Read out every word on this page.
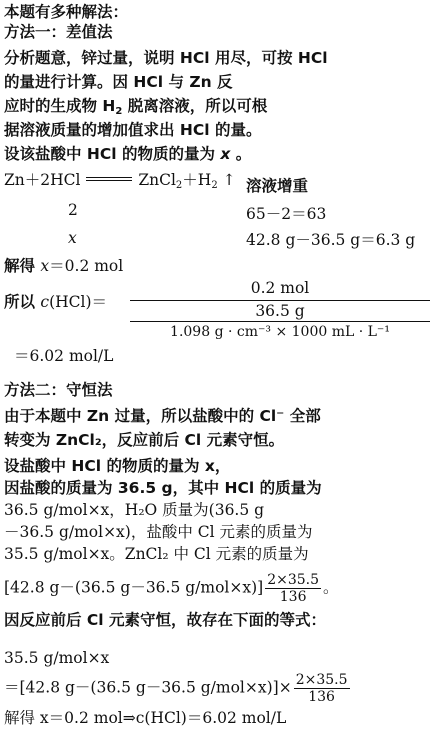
本题有多种解法：
方法一：差值法
分析题意，锌过量，说明 HCl 用尽，可按 HCl
的量进行计算。因 HCl 与 Zn 反
应时的生成物 $H_2$ 脱离溶液，所以可根
据溶液质量的增加值求出 HCl 的量。
设该盐酸中 HCl 的物质的量为 x 。
Zn＋2HCl	$ZnCl_2+H_2$ ↑ 溶液增重
2	65－2＝63
x	42.8 g－36.5 g＝6.3 g
解得 x＝0.2 mol
所以 c(HCl)＝
0.2 mol
36.5 g
1.098 g · cm⁻³ × 1000 mL · L⁻¹
＝6.02 mol/L
方法二：守恒法
由于本题中 Zn 过量，所以盐酸中的 Cl⁻ 全部
转变为 ZnCl₂，反应前后 Cl 元素守恒。
设盐酸中 HCl 的物质的量为 x，
因盐酸的质量为 36.5 g，其中 HCl 的质量为
36.5 g/mol×x，H₂O 质量为(36.5 g
－36.5 g/mol×x)，盐酸中 Cl 元素的质量为
35.5 g/mol×x。ZnCl₂ 中 Cl 元素的质量为
[42.8 g－(36.5 g－36.5 $g/mol\times x)] \frac{2\times 35.5}{136}$ 。
因反应前后 Cl 元素守恒，故存在下面的等式：
35.5 g/mol×x
＝[42.8 g－(36.5 g－36.5 $g/mol\times x)]\times \frac{2\times 35.5}{136}$
解得 x＝0.2 mol⇒c(HCl)＝6.02 mol/L
